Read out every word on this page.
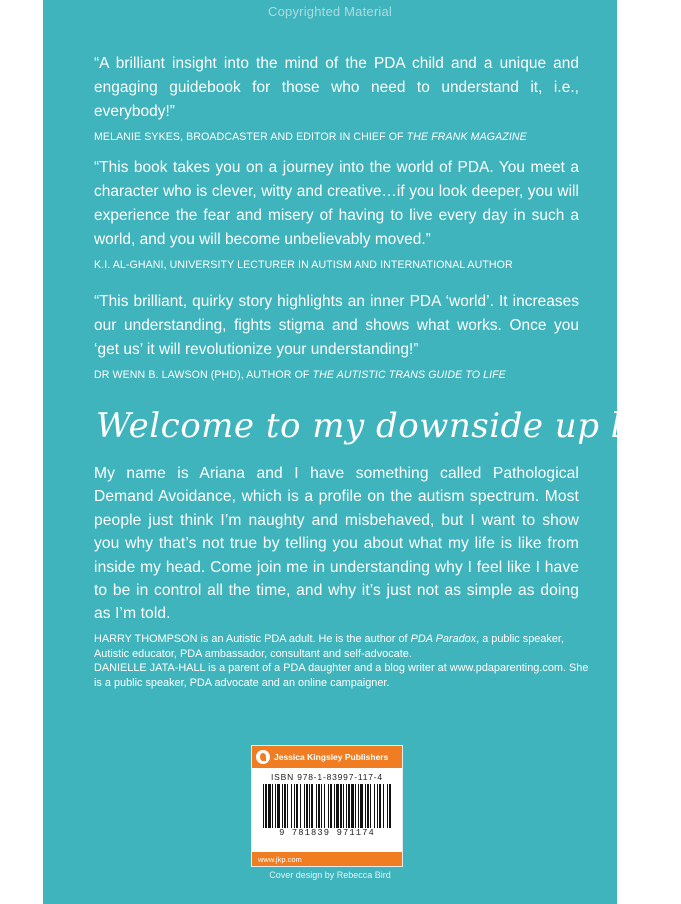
Copyrighted Material

“A brilliant insight into the mind of the PDA child and a unique and engaging guidebook for those who need to understand it, i.e., everybody!”

MELANIE SYKES, BROADCASTER AND EDITOR IN CHIEF OF THE FRANK MAGAZINE

“This book takes you on a journey into the world of PDA. You meet a character who is clever, witty and creative…if you look deeper, you will experience the fear and misery of having to live every day in such a world, and you will become unbelievably moved.”

K.I. AL-GHANI, UNIVERSITY LECTURER IN AUTISM AND INTERNATIONAL AUTHOR

“This brilliant, quirky story highlights an inner PDA ‘world’. It increases our understanding, fights stigma and shows what works. Once you ‘get us’ it will revolutionize your understanding!”

DR WENN B. LAWSON (PHD), AUTHOR OF THE AUTISTIC TRANS GUIDE TO LIFE
Welcome to my downside up life!

My name is Ariana and I have something called Pathological Demand Avoidance, which is a profile on the autism spectrum. Most people just think I’m naughty and misbehaved, but I want to show you why that’s not true by telling you about what my life is like from inside my head. Come join me in understanding why I feel like I have to be in control all the time, and why it’s just not as simple as doing as I’m told.

HARRY THOMPSON is an Autistic PDA adult. He is the author of PDA Paradox, a public speaker, Autistic educator, PDA ambassador, consultant and self-advocate.
DANIELLE JATA-HALL is a parent of a PDA daughter and a blog writer at www.pdaparenting.com. She is a public speaker, PDA advocate and an online campaigner.

Jessica Kingsley Publishers
ISBN 978-1-83997-117-4
9 781839 971174
www.jkp.com
Cover design by Rebecca Bird
